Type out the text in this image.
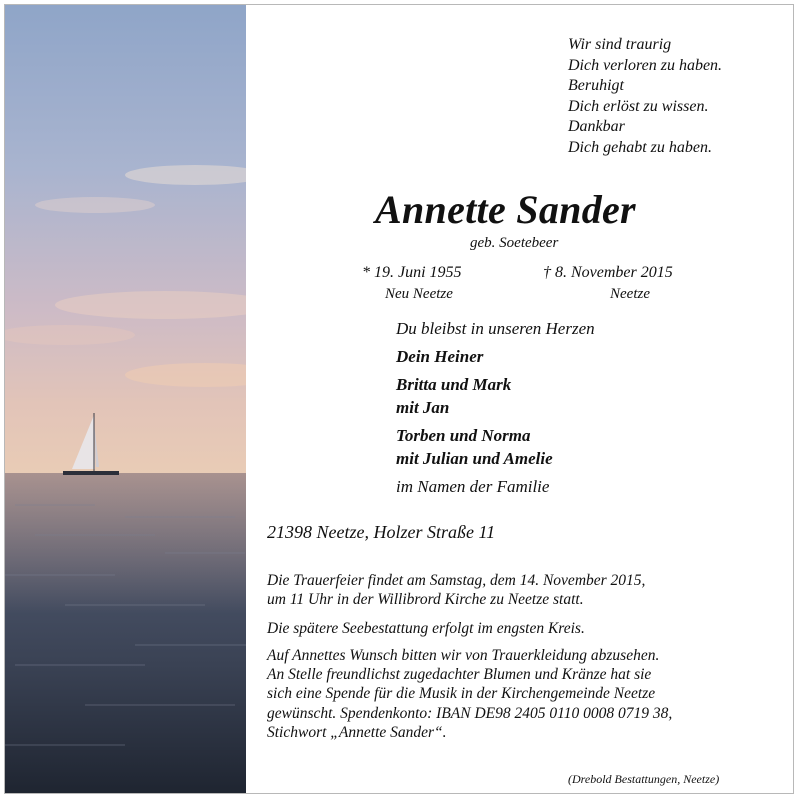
Wir sind traurig
Dich verloren zu haben.
Beruhigt
Dich erlöst zu wissen.
Dankbar
Dich gehabt zu haben.
Annette Sander
geb. Soetebeer
* 19. Juni 1955
Neu Neetze
† 8. November 2015
Neetze
Du bleibst in unseren Herzen
Dein Heiner
Britta und Mark
mit Jan
Torben und Norma
mit Julian und Amelie
im Namen der Familie
21398 Neetze, Holzer Straße 11
Die Trauerfeier findet am Samstag, dem 14. November 2015,
um 11 Uhr in der Willibrord Kirche zu Neetze statt.
Die spätere Seebestattung erfolgt im engsten Kreis.
Auf Annettes Wunsch bitten wir von Trauerkleidung abzusehen.
An Stelle freundlichst zugedachter Blumen und Kränze hat sie
sich eine Spende für die Musik in der Kirchengemeinde Neetze
gewünscht. Spendenkonto: IBAN DE98 2405 0110 0008 0719 38,
Stichwort „Annette Sander“.
(Drebold Bestattungen, Neetze)
